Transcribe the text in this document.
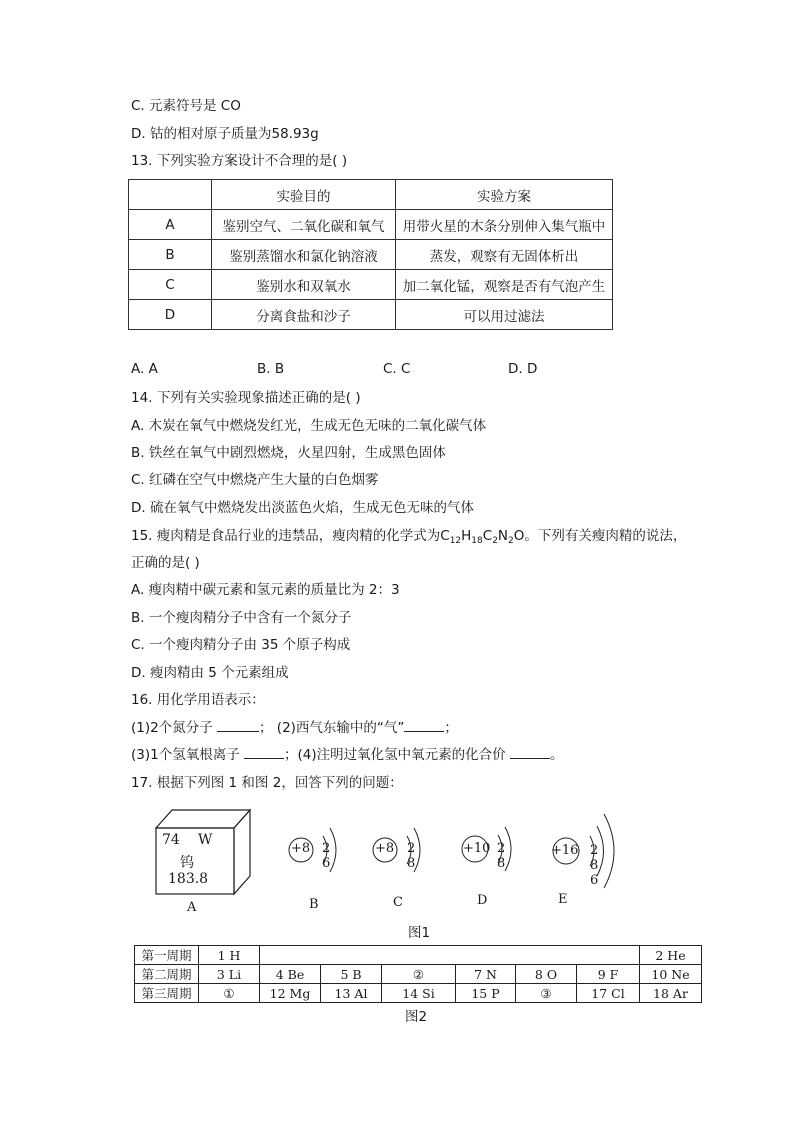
C. 元素符号是 CO
D. 钴的相对原子质量为58.93g
13. 下列实验方案设计不合理的是( )
	实验目的	实验方案
A	鉴别空气、二氧化碳和氧气	用带火星的木条分别伸入集气瓶中
B	鉴别蒸馏水和氯化钠溶液	蒸发，观察有无固体析出
C	鉴别水和双氧水	加二氧化锰，观察是否有气泡产生
D	分离食盐和沙子	可以用过滤法
A. A	B. B	C. C	D. D
14. 下列有关实验现象描述正确的是( )
A. 木炭在氧气中燃烧发红光，生成无色无味的二氧化碳气体
B. 铁丝在氧气中剧烈燃烧，火星四射，生成黑色固体
C. 红磷在空气中燃烧产生大量的白色烟雾
D. 硫在氧气中燃烧发出淡蓝色火焰，生成无色无味的气体
15. 瘦肉精是食品行业的违禁品，瘦肉精的化学式为$C_{12}H_{18}C_2N_2O$。下列有关瘦肉精的说法，
正确的是( )
A. 瘦肉精中碳元素和氢元素的质量比为 2：3
B. 一个瘦肉精分子中含有一个氮分子
C. 一个瘦肉精分子由 35 个原子构成
D. 瘦肉精由 5 个元素组成
16. 用化学用语表示：
(1)2个氮分子	； (2)西气东输中的“气”	；
(3)1个氢氧根离子	；(4)注明过氧化氢中氧元素的化合价	。
17. 根据下列图 1 和图 2，回答下列的问题：
74 W
钨
183.8
A
+8 2 6
B
+8 2 8
C
+10 2 8
D
+16 2 8 6
E
图1
第一周期	1 H							2 He
第二周期	3 Li	4 Be	5 B	②	7 N	8 O	9 F	10 Ne
第三周期	①	12 Mg	13 Al	14 Si	15 P	③	17 Cl	18 Ar
图2
